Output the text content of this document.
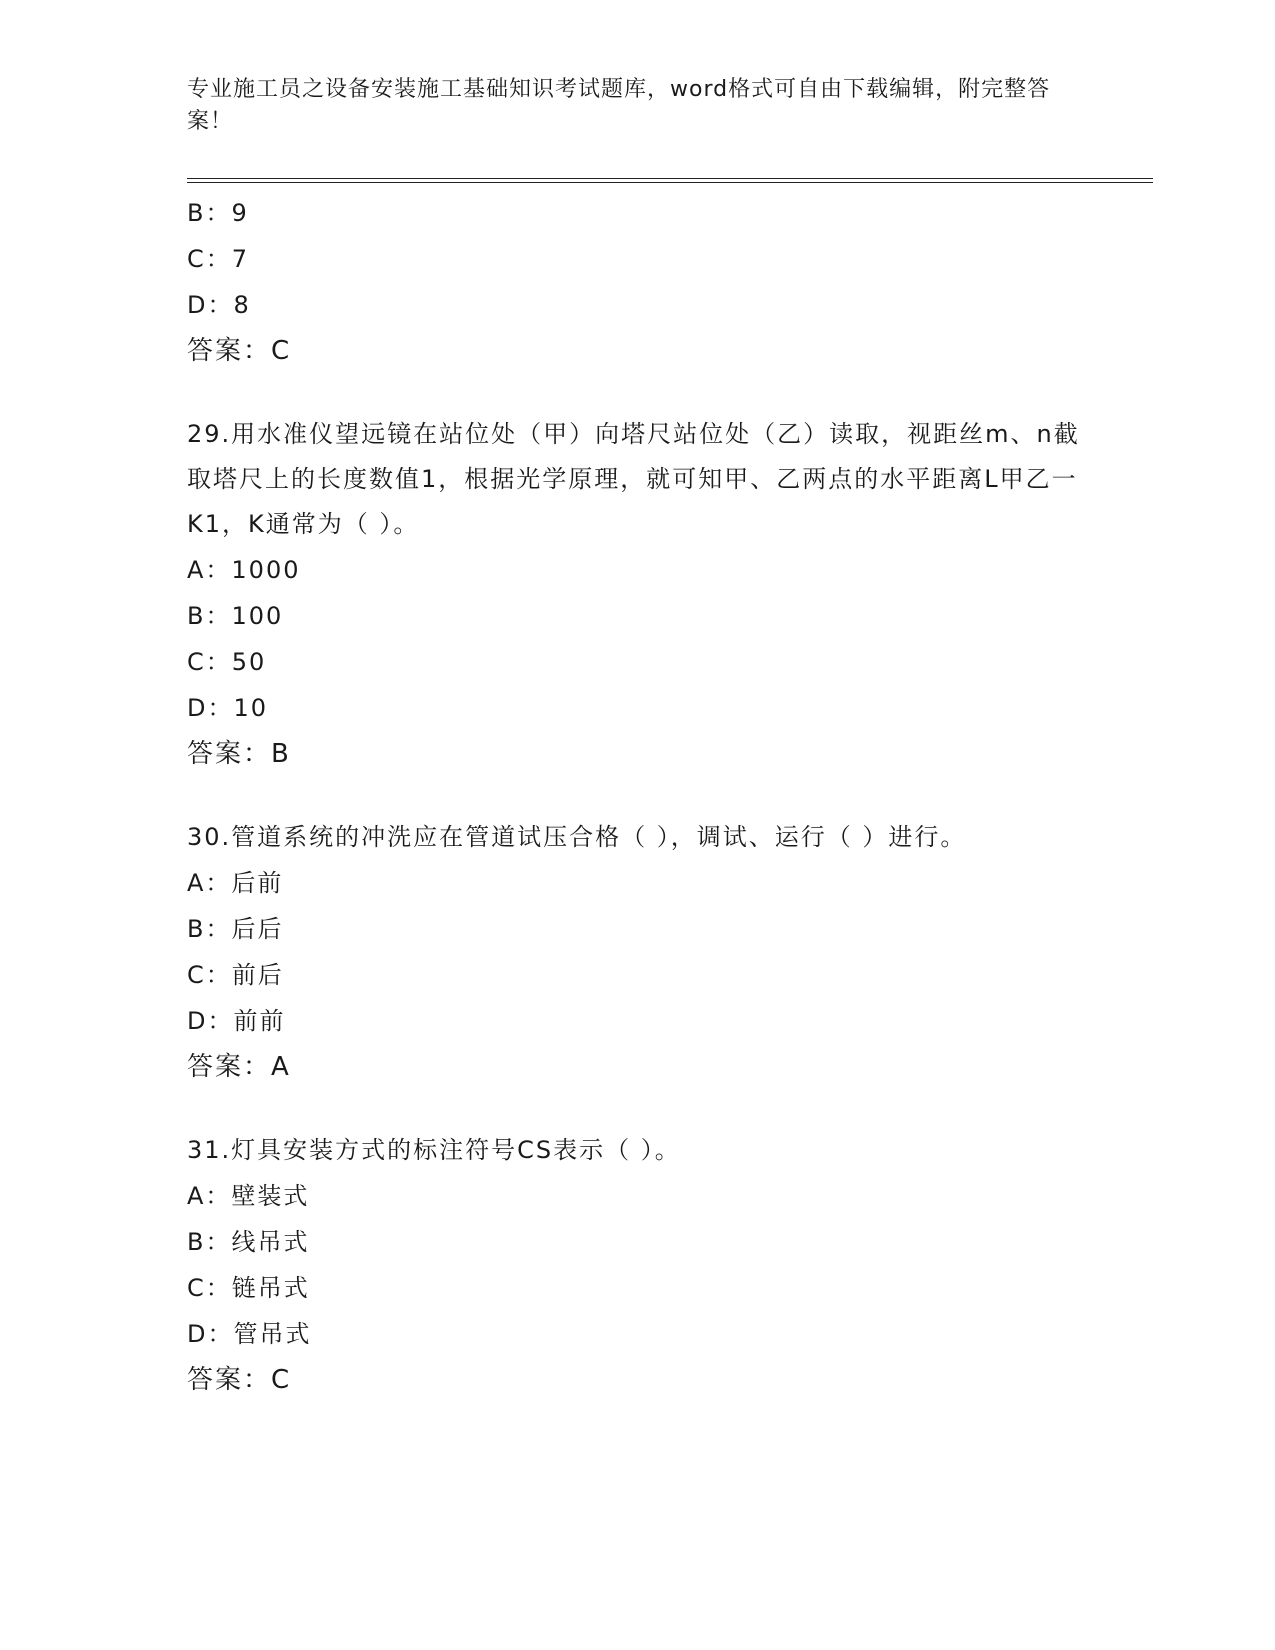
专业施工员之设备安装施工基础知识考试题库，word格式可自由下载编辑，附完整答案！
B：9
C：7
D：8
答案：C
29.用水准仪望远镜在站位处（甲）向塔尺站位处（乙）读取，视距丝m、n截取塔尺上的长度数值1，根据光学原理，就可知甲、乙两点的水平距离L甲乙一K1，K通常为（ ）。
A：1000
B：100
C：50
D：10
答案：B
30.管道系统的冲洗应在管道试压合格（ ），调试、运行（ ）进行。
A：后前
B：后后
C：前后
D：前前
答案：A
31.灯具安装方式的标注符号CS表示（ ）。
A：壁装式
B：线吊式
C：链吊式
D：管吊式
答案：C
